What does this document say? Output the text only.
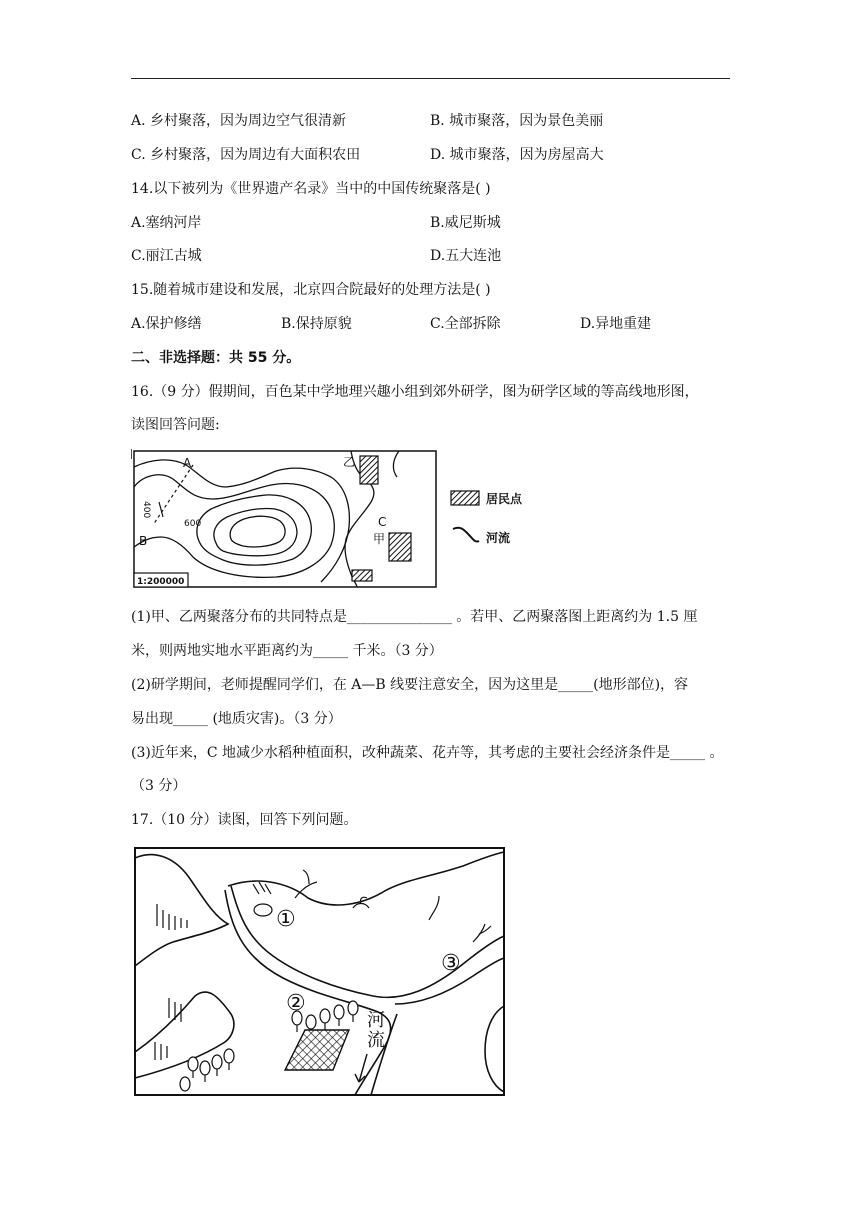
A. 乡村聚落，因为周边空气很清新	B. 城市聚落，因为景色美丽
C. 乡村聚落，因为周边有大面积农田	D. 城市聚落，因为房屋高大
14.以下被列为《世界遗产名录》当中的中国传统聚落是( )
A.塞纳河岸	B.威尼斯城
C.丽江古城	D.五大连池
15.随着城市建设和发展，北京四合院最好的处理方法是( )
A.保护修缮	B.保持原貌	C.全部拆除	D.异地重建
二、非选择题：共 55 分。
16.（9 分）假期间，百色某中学地理兴趣小组到郊外研学，图为研学区域的等高线地形图，
读图回答问题:
A
B
400
600
乙
C
甲
1:200000
居民点
河流
(1)甲、乙两聚落分布的共同特点是_______________ 。若甲、乙两聚落图上距离约为 1.5 厘
米，则两地实地水平距离约为_____ 千米。（3 分）
(2)研学期间，老师提醒同学们，在 A—B 线要注意安全，因为这里是_____(地形部位)，容
易出现_____ (地质灾害)。（3 分）
(3)近年来，C 地减少水稻种植面积，改种蔬菜、花卉等，其考虑的主要社会经济条件是_____ 。
（3 分）
17.（10 分）读图，回答下列问题。
①
②
③
河
流
